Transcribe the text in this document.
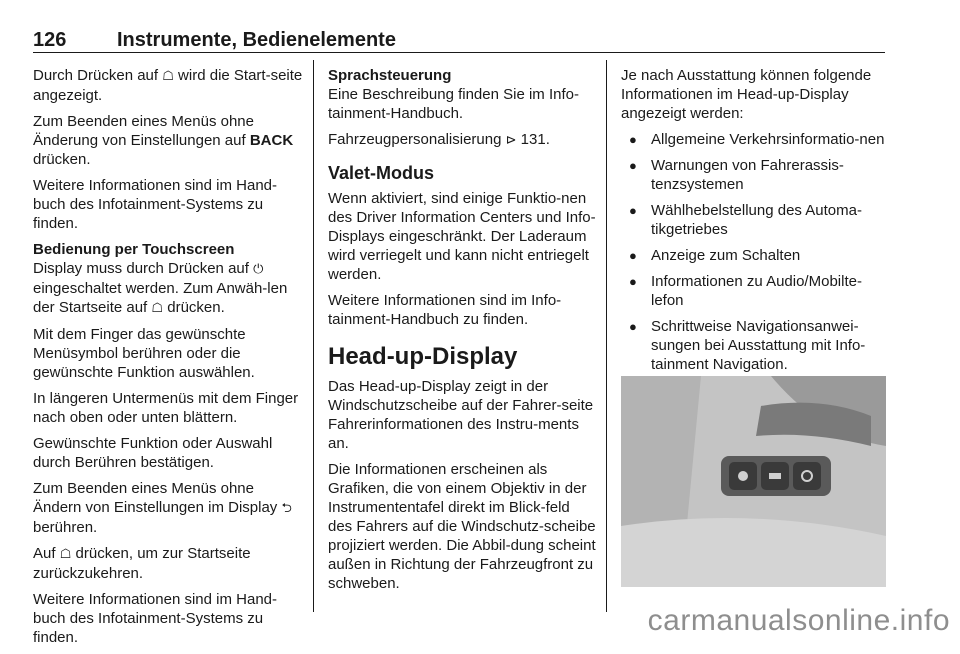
126	Instrumente, Bedienelemente

Durch Drücken auf ☖ wird die Start-seite angezeigt.

Zum Beenden eines Menüs ohne Änderung von Einstellungen auf BACK drücken.

Weitere Informationen sind im Hand-buch des Infotainment-Systems zu finden.

Bedienung per Touchscreen

Display muss durch Drücken auf ⏻ eingeschaltet werden. Zum Anwäh-len der Startseite auf ☖ drücken.

Mit dem Finger das gewünschte Menüsymbol berühren oder die gewünschte Funktion auswählen.

In längeren Untermenüs mit dem Finger nach oben oder unten blättern.

Gewünschte Funktion oder Auswahl durch Berühren bestätigen.

Zum Beenden eines Menüs ohne Ändern von Einstellungen im Display ⮌ berühren.

Auf ☖ drücken, um zur Startseite zurückzukehren.

Weitere Informationen sind im Hand-buch des Infotainment-Systems zu finden.

Sprachsteuerung

Eine Beschreibung finden Sie im Info-tainment-Handbuch.

Fahrzeugpersonalisierung ⊳ 131.

Valet-Modus

Wenn aktiviert, sind einige Funktio-nen des Driver Information Centers und Info-Displays eingeschränkt. Der Laderaum wird verriegelt und kann nicht entriegelt werden.

Weitere Informationen sind im Info-tainment-Handbuch zu finden.

Head-up-Display

Das Head-up-Display zeigt in der Windschutzscheibe auf der Fahrer-seite Fahrerinformationen des Instru-ments an.

Die Informationen erscheinen als Grafiken, die von einem Objektiv in der Instrumententafel direkt im Blick-feld des Fahrers auf die Windschutz-scheibe projiziert werden. Die Abbil-dung scheint außen in Richtung der Fahrzeugfront zu schweben.

Je nach Ausstattung können folgende Informationen im Head-up-Display angezeigt werden:

● Allgemeine Verkehrsinformatio-nen
● Warnungen von Fahrerassis-tenzsystemen
● Wählhebelstellung des Automa-tikgetriebes
● Anzeige zum Schalten
● Informationen zu Audio/Mobilte-lefon
● Schrittweise Navigationsanwei-sungen bei Ausstattung mit Info-tainment Navigation.
carmanualsonline.info
